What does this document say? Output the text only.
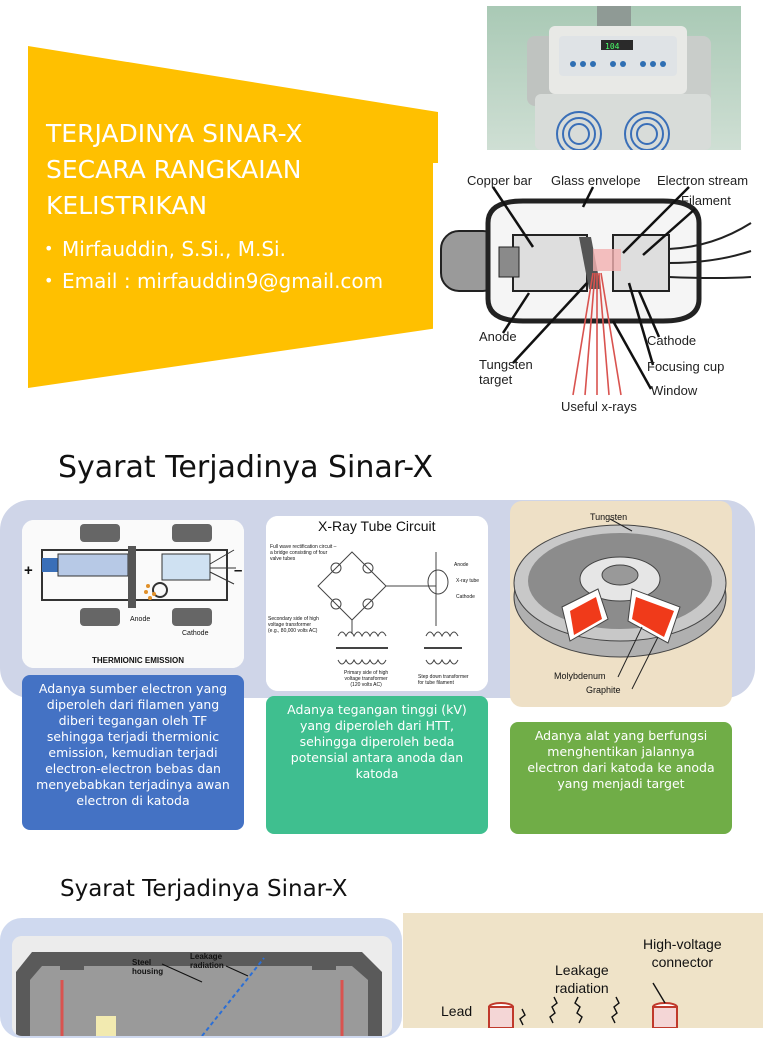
TERJADINYA SINAR-X
SECARA RANGKAIAN
KELISTRIKAN
• Mirfauddin, S.Si., M.Si.
• Email : mirfauddin9@gmail.com
104
Copper bar Glass envelope Electron stream
Filament
Anode
Tungsten
target
Cathode
Focusing cup
Window
Useful x-rays
Syarat Terjadinya Sinar-X
+	–
Anode
Cathode
THERMIONIC EMISSION
X-Ray Tube Circuit
Full wave rectification circuit –
a bridge consisting of four
valve tubes
Anode
X-ray tube
Cathode
Secondary side of high
voltage transformer
(e.g., 80,000 volts AC)
Primary side of high
voltage transformer
(120 volts AC)
Step down transformer
for tube filament
Tungsten
Molybdenum
Graphite
Adanya sumber electron yang
diperoleh dari filamen yang
diberi tegangan oleh TF
sehingga terjadi thermionic
emission, kemudian terjadi
electron-electron bebas dan
menyebabkan terjadinya awan
electron di katoda
Adanya tegangan tinggi (kV)
yang diperoleh dari HTT,
sehingga diperoleh beda
potensial antara anoda dan
katoda
Adanya alat yang berfungsi
menghentikan jalannya
electron dari katoda ke anoda
yang menjadi target
Syarat Terjadinya Sinar-X
Steel
housing
Leakage
radiation
High-voltage
connector
Leakage
radiation
Lead
